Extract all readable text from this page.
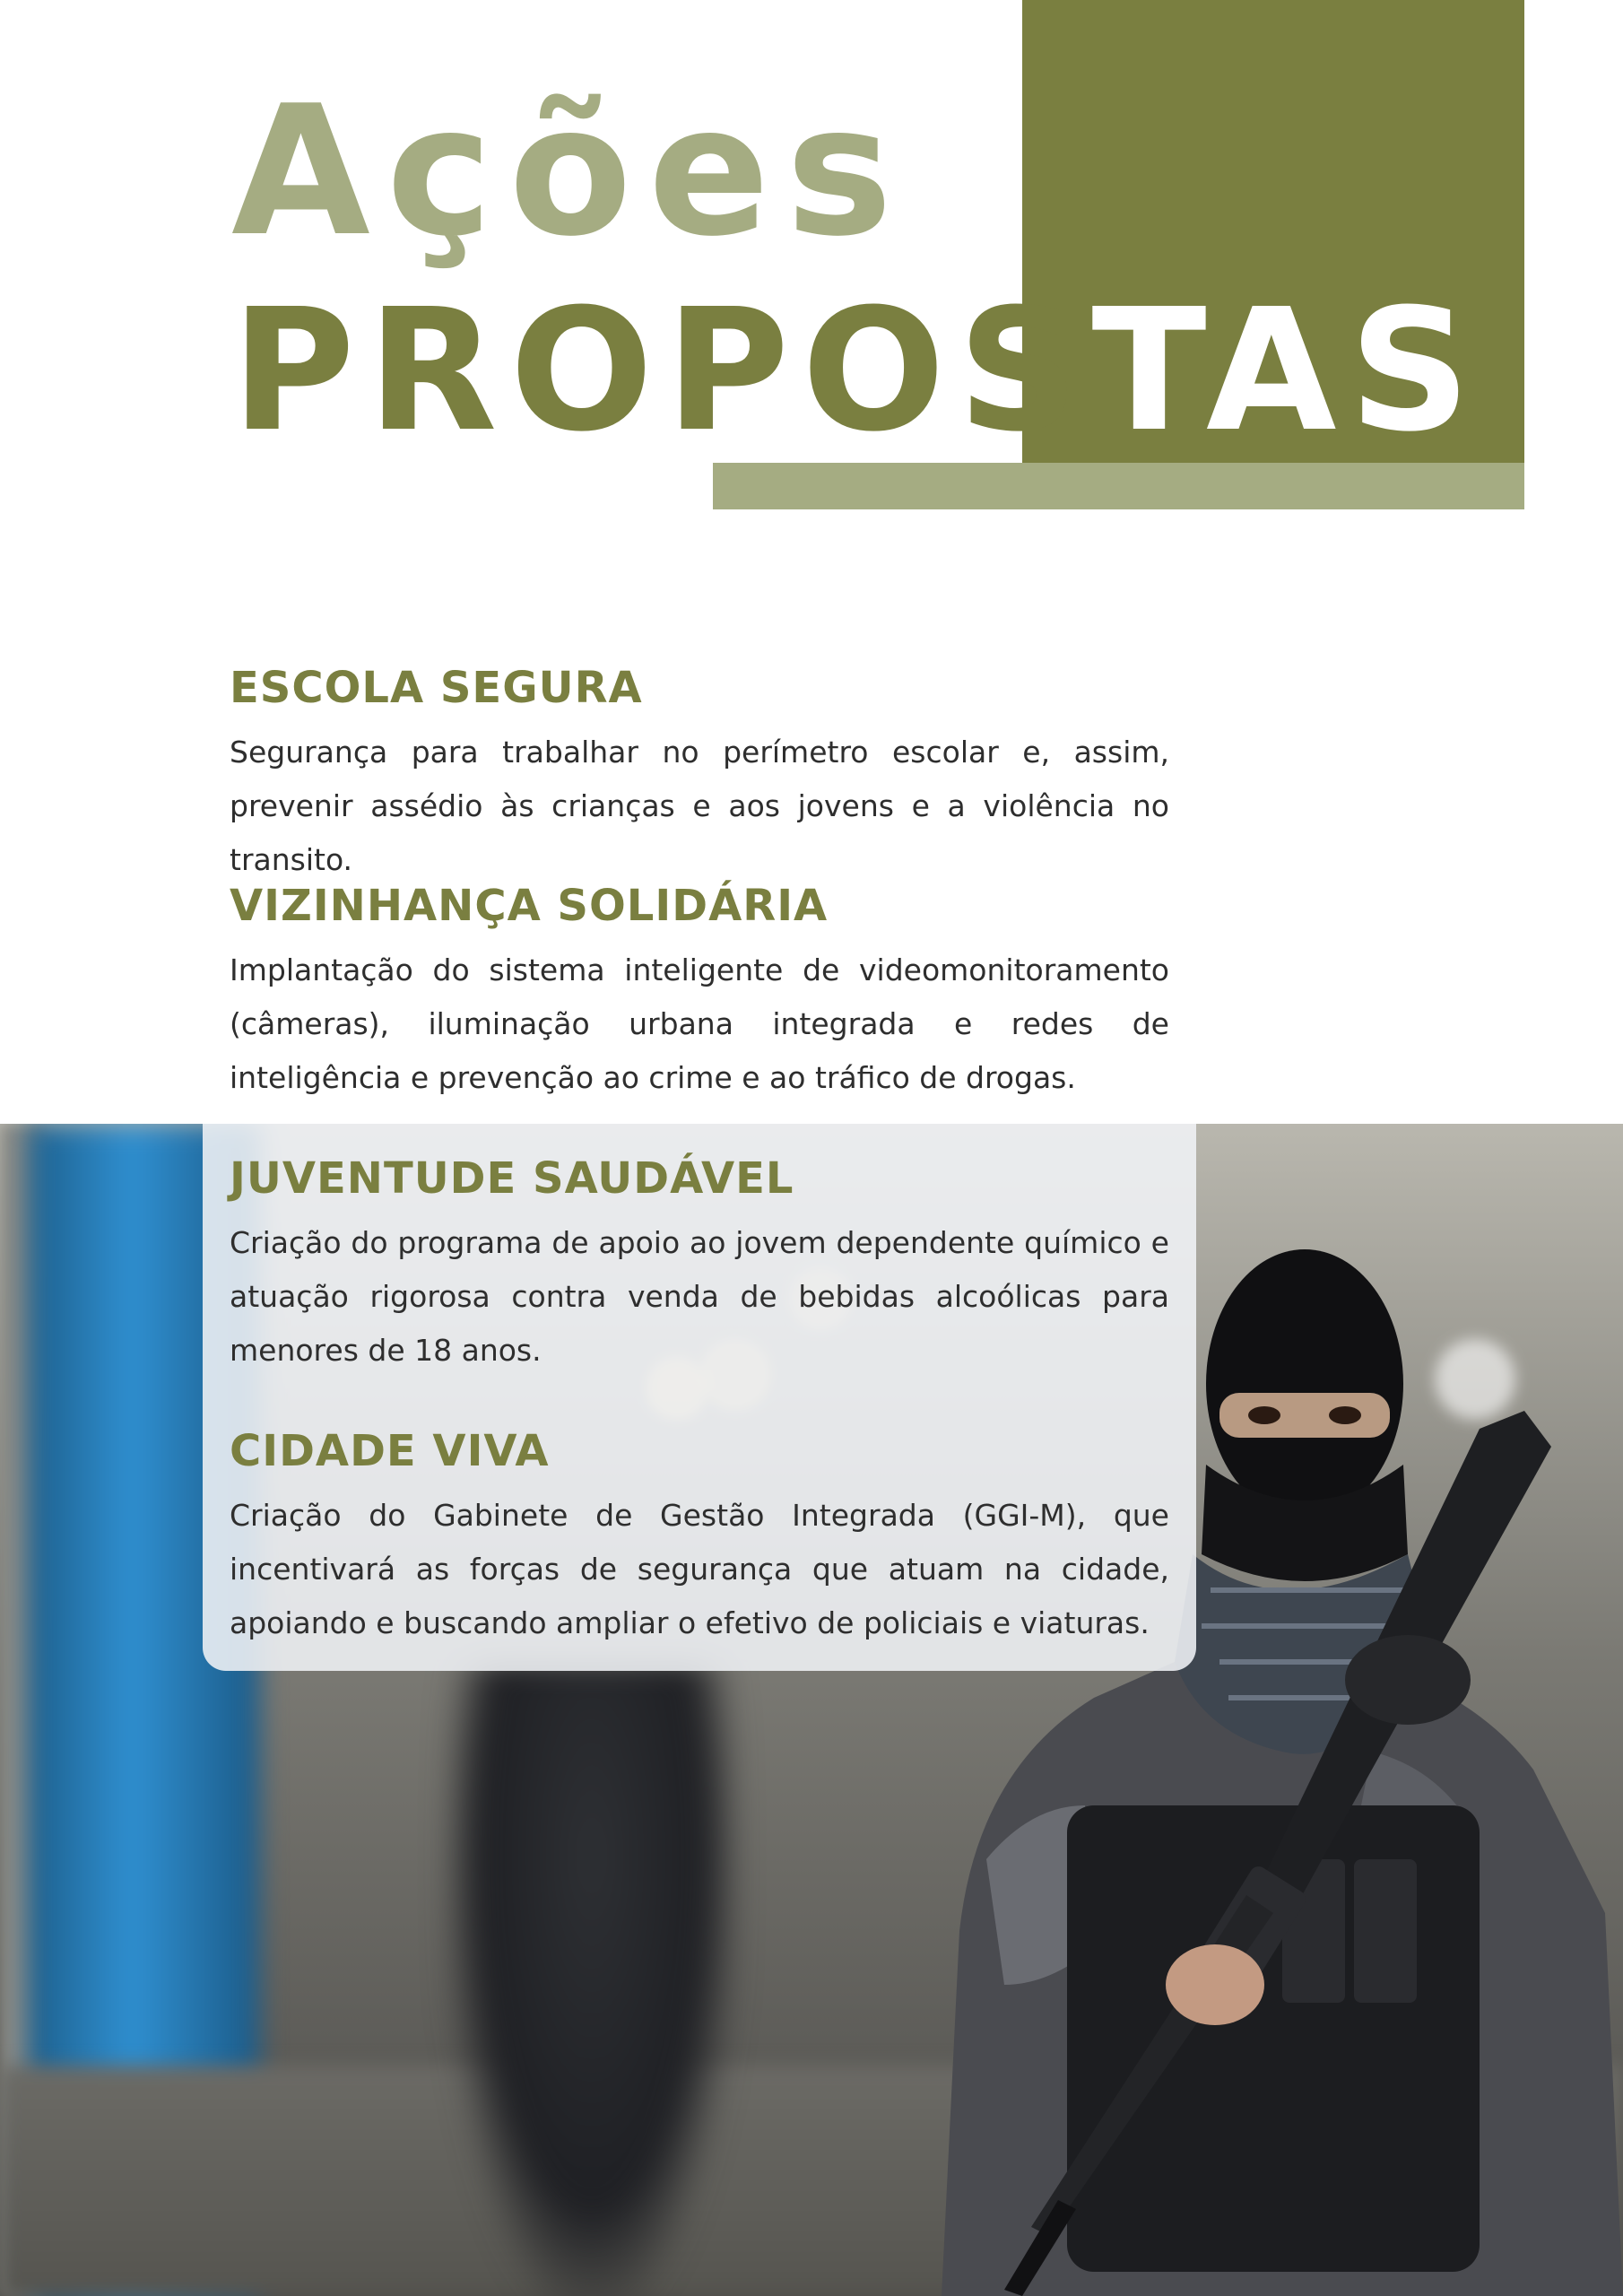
Ações
PROPOSTAS
ESCOLA SEGURA

Segurança para trabalhar no perímetro escolar e, assim, prevenir assédio às crianças e aos jovens e a violência no transito.

VIZINHANÇA SOLIDÁRIA

Implantação do sistema inteligente de videomonitoramento (câmeras), iluminação urbana integrada e redes de inteligência e prevenção ao crime e ao tráfico de drogas.

JUVENTUDE SAUDÁVEL

Criação do programa de apoio ao jovem dependente químico e atuação rigorosa contra venda de bebidas alcoólicas para menores de 18 anos.

CIDADE VIVA

Criação do Gabinete de Gestão Integrada (GGI-M), que incentivará as forças de segurança que atuam na cidade, apoiando e buscando ampliar o efetivo de policiais e viaturas.
